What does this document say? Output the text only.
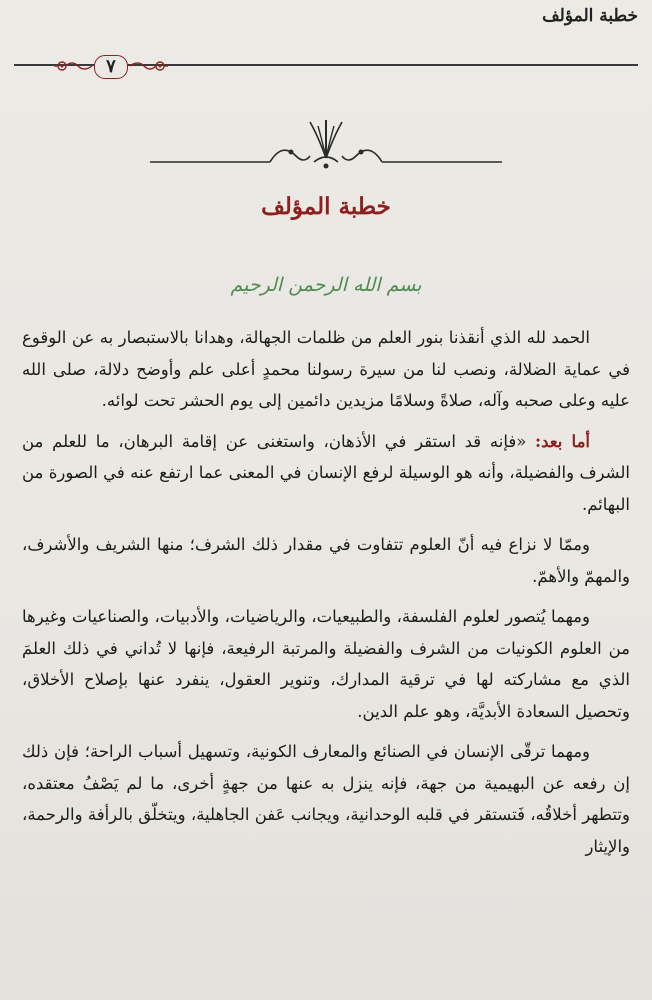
خطبة المؤلف
٧
خطبة المؤلف
بسم الله الرحمن الرحيم

الحمد لله الذي أنقذنا بنور العلم من ظلمات الجهالة، وهدانا بالاستبصار به عن الوقوع في عماية الضلالة، ونصب لنا من سيرة رسولنا محمدٍ أعلى علم وأوضح دلالة، صلى الله عليه وعلى صحبه وآله، صلاةً وسلامًا مزيدين دائمين إلى يوم الحشر تحت لوائه.

أما بعد: «فإنه قد استقر في الأذهان، واستغنى عن إقامة البرهان، ما للعلم من الشرف والفضيلة، وأنه هو الوسيلة لرفع الإنسان في المعنى عما ارتفع عنه في الصورة من البهائم.

وممّا لا نزاع فيه أنّ العلوم تتفاوت في مقدار ذلك الشرف؛ منها الشريف والأشرف، والمهمّ والأهمّ.

ومهما يُتصور لعلوم الفلسفة، والطبيعيات، والرياضيات، والأدبيات، والصناعيات وغيرها من العلوم الكونيات من الشرف والفضيلة والمرتبة الرفيعة، فإنها لا تُداني في ذلك العلمَ الذي مع مشاركته لها في ترقية المدارك، وتنوير العقول، ينفرد عنها بإصلاح الأخلاق، وتحصيل السعادة الأبديَّة، وهو علم الدين.

ومهما ترقّى الإنسان في الصنائع والمعارف الكونية، وتسهيل أسباب الراحة؛ فإن ذلك إن رفعه عن البهيمية من جهة، فإنه ينزل به عنها من جهةٍ أخرى، ما لم يَصْفُ معتقده، وتتطهر أخلاقُه، فَتستقر في قلبه الوحدانية، ويجانب عَفن الجاهلية، ويتخلّق بالرأفة والرحمة، والإيثار
